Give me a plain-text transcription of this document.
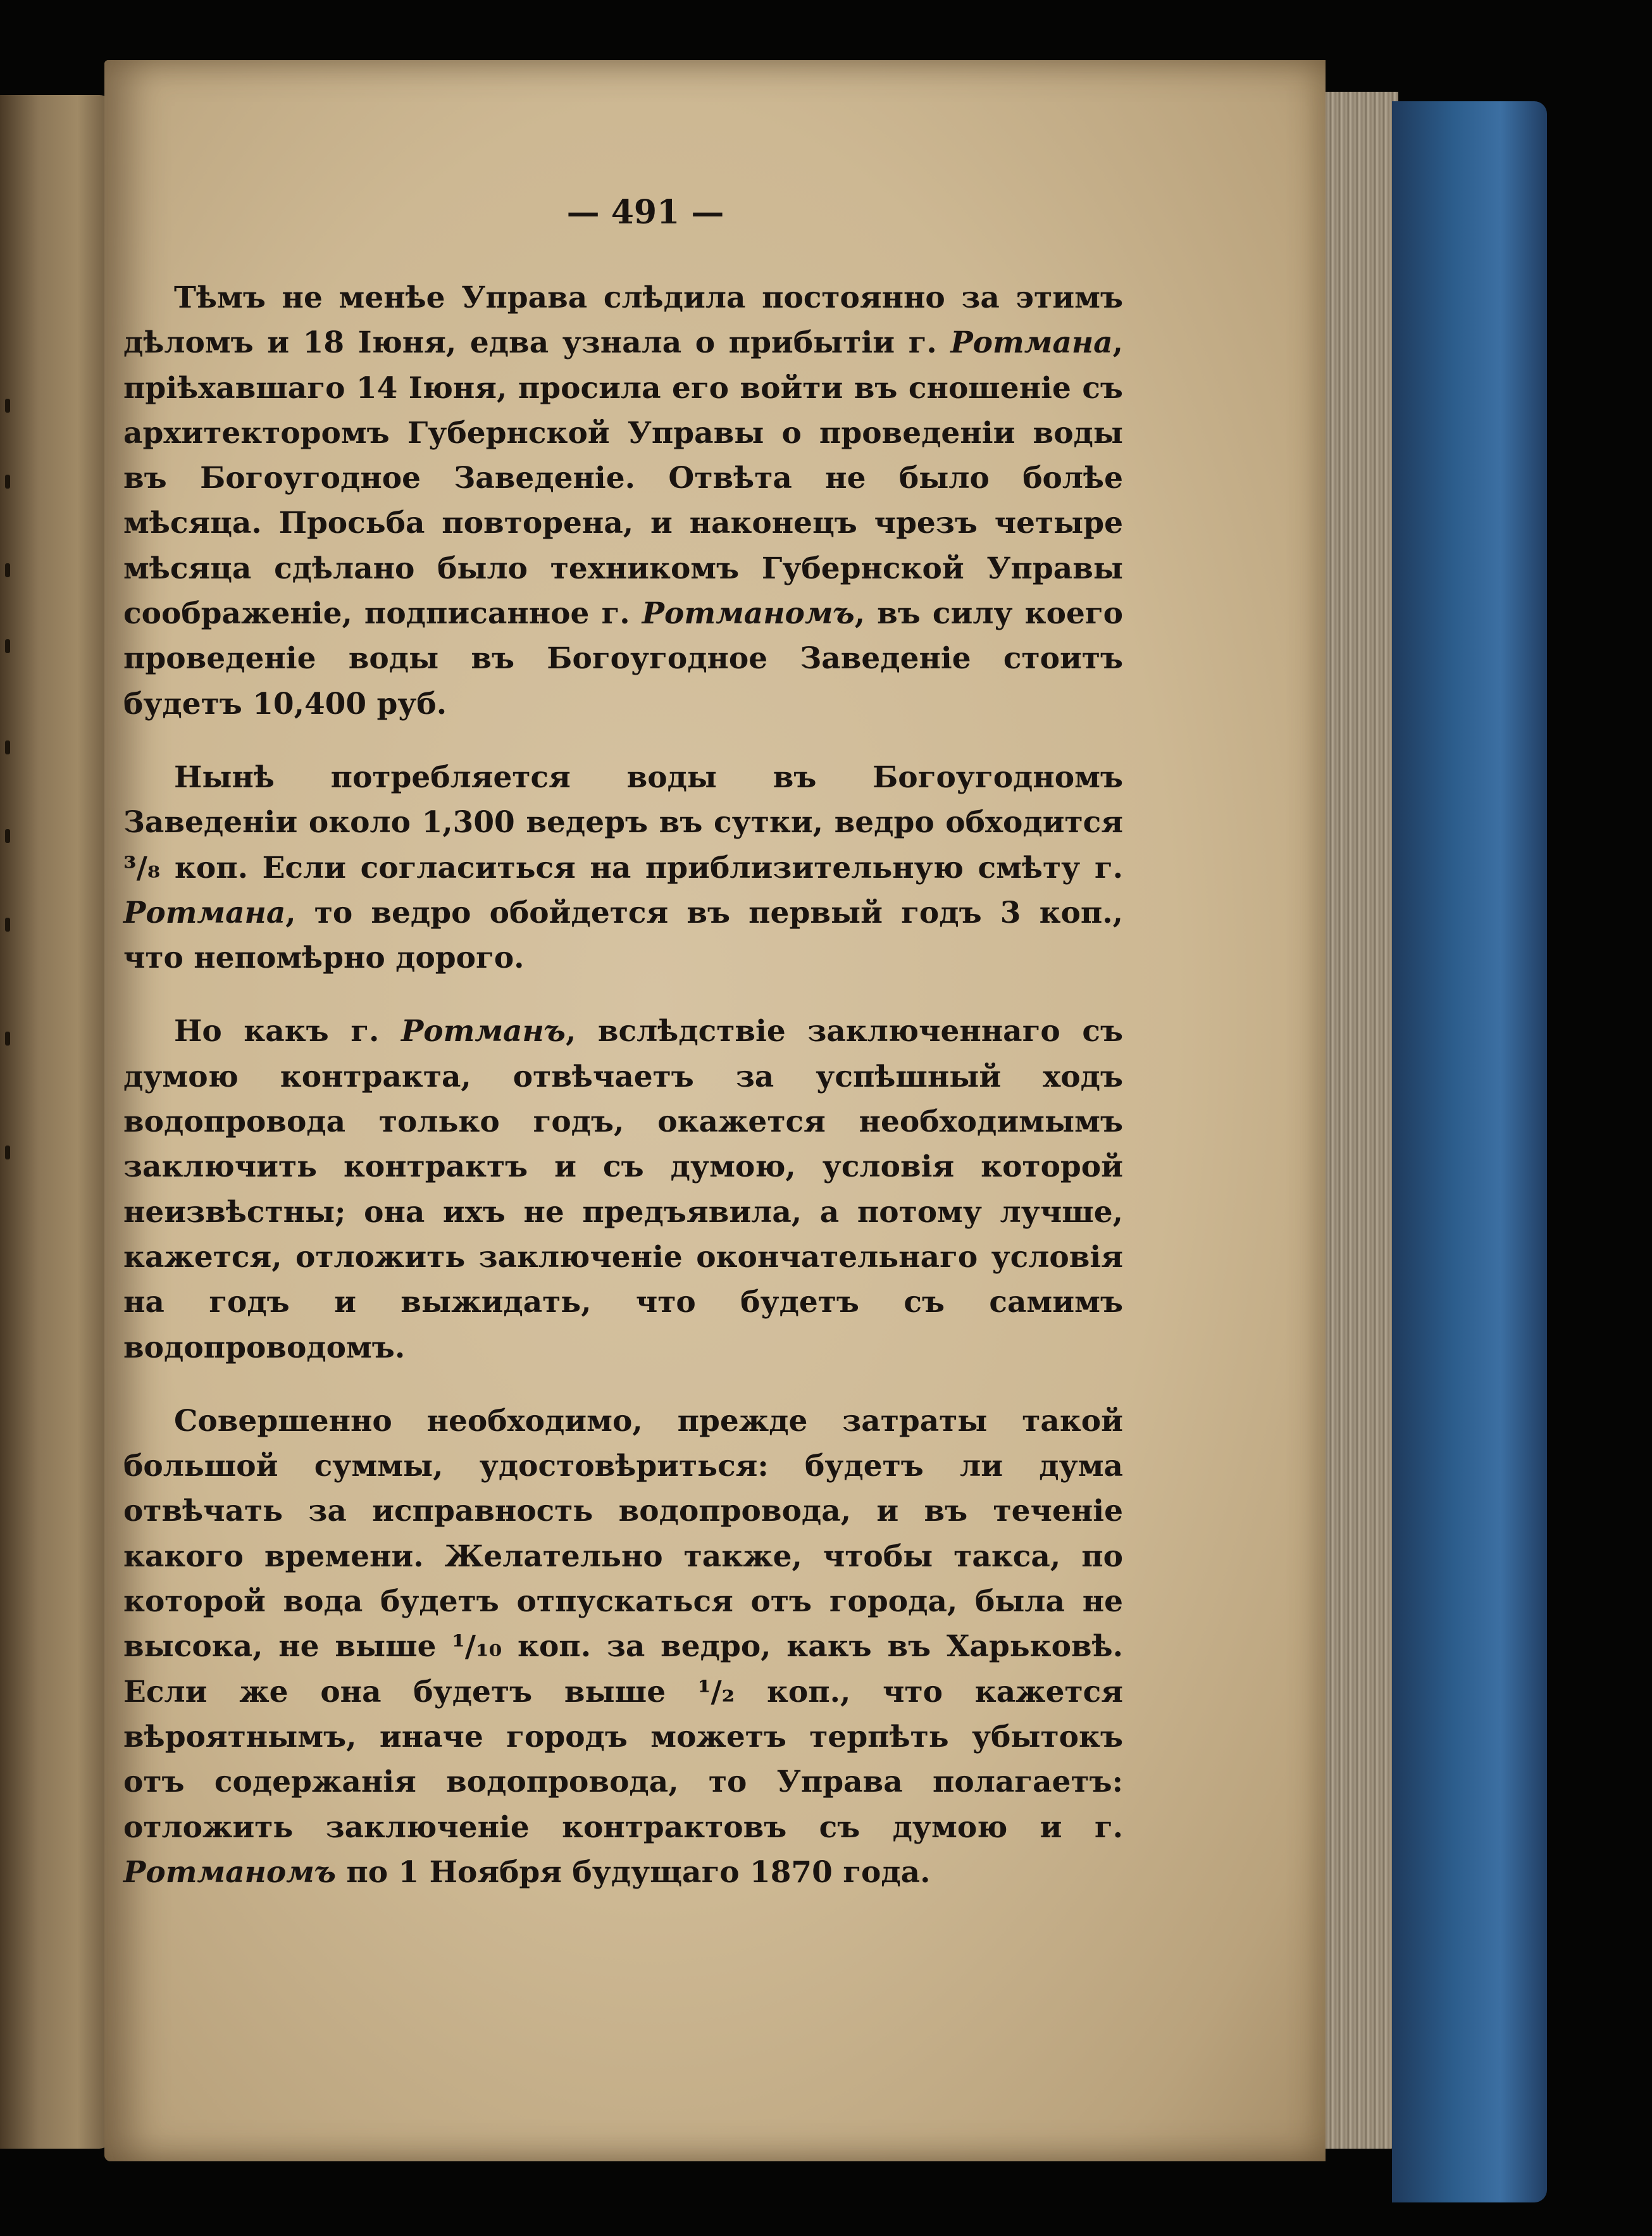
— 491 —

Тѣмъ не менѣе Управа слѣдила постоянно за этимъ дѣломъ и 18 Іюня, едва узнала о прибытіи г. Ротмана, пріѣхавшаго 14 Іюня, просила его войти въ сношеніе съ архитекторомъ Губернской Управы о проведеніи воды въ Богоугодное Заведеніе. Отвѣта не было болѣе мѣсяца. Просьба повторена, и наконецъ чрезъ четыре мѣсяца сдѣлано было техникомъ Губернской Управы соображеніе, подписанное г. Ротманомъ, въ силу коего проведеніе воды въ Богоугодное Заведеніе стоитъ будетъ 10,400 руб.

Нынѣ потребляется воды въ Богоугодномъ Заведеніи около 1,300 ведеръ въ сутки, ведро обходится ³/₈ коп. Если согласиться на приблизительную смѣту г. Ротмана, то ведро обойдется въ первый годъ 3 коп., что непомѣрно дорого.

Но какъ г. Ротманъ, вслѣдствіе заключеннаго съ думою контракта, отвѣчаетъ за успѣшный ходъ водопровода только годъ, окажется необходимымъ заключить контрактъ и съ думою, условія которой неизвѣстны; она ихъ не предъявила, а потому лучше, кажется, отложить заключеніе окончательнаго условія на годъ и выжидать, что будетъ съ самимъ водопроводомъ.

Совершенно необходимо, прежде затраты такой большой суммы, удостовѣриться: будетъ ли дума отвѣчать за исправность водопровода, и въ теченіе какого времени. Желательно также, чтобы такса, по которой вода будетъ отпускаться отъ города, была не высока, не выше ¹/₁₀ коп. за ведро, какъ въ Харьковѣ. Если же она будетъ выше ¹/₂ коп., что кажется вѣроятнымъ, иначе городъ можетъ терпѣть убытокъ отъ содержанія водопровода, то Управа полагаетъ: отложить заключеніе контрактовъ съ думою и г. Ротманомъ по 1 Ноября будущаго 1870 года.
